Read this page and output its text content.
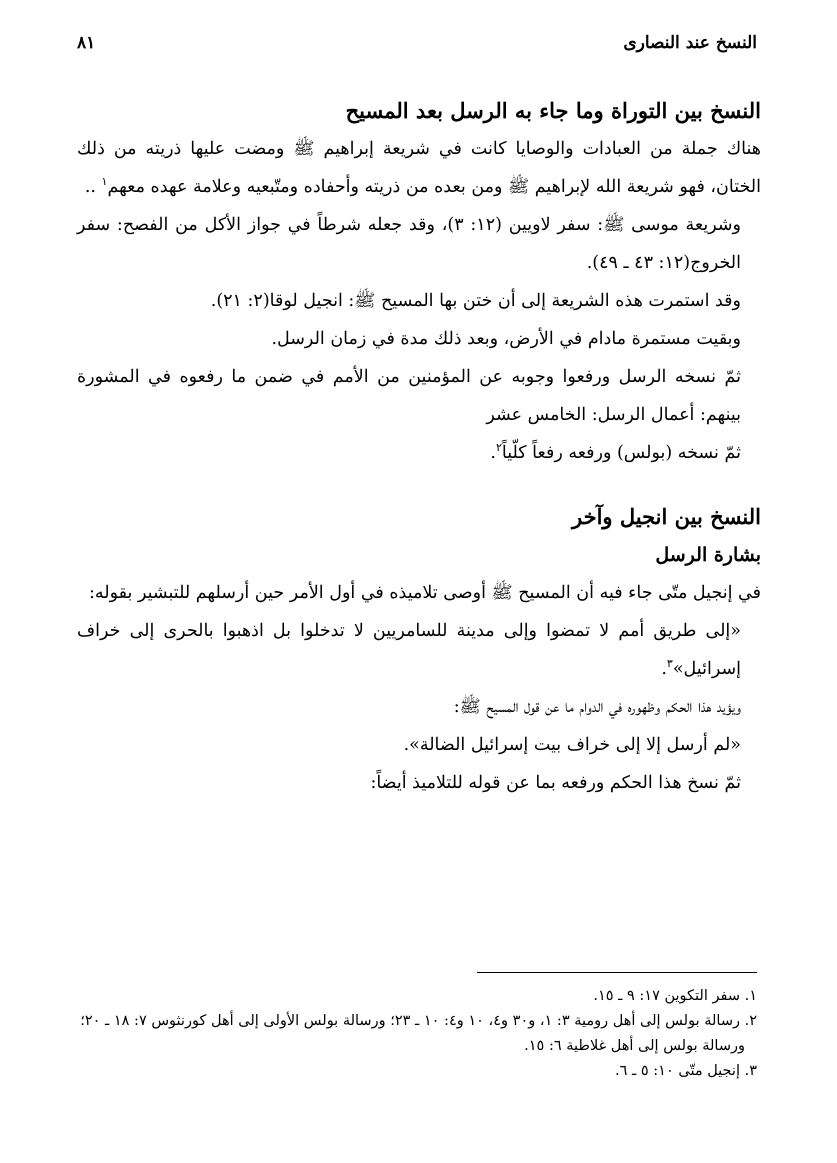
النسخ عند النصارى
٨١
النسخ بين التوراة وما جاء به الرسل بعد المسيح

هناك جملة من العبادات والوصايا كانت في شريعة إبراهيم ﷺ ومضت عليها ذريته من ذلك الختان، فهو شريعة الله لإبراهيم ﷺ ومن بعده من ذريته وأحفاده ومتّبعيه وعلامة عهده معهم$^١$ ..

وشريعة موسى ﷺ: سفر لاويين (١٢: ٣)، وقد جعله شرطاً في جواز الأكل من الفصح: سفر الخروج(١٢: ٤٣ ـ ٤٩).

وقد استمرت هذه الشريعة إلى أن ختن بها المسيح ﷺ: انجيل لوقا(٢: ٢١).

وبقيت مستمرة مادام في الأرض، وبعد ذلك مدة في زمان الرسل.

ثمّ نسخه الرسل ورفعوا وجوبه عن المؤمنين من الأمم في ضمن ما رفعوه في المشورة بينهم: أعمال الرسل: الخامس عشر

ثمّ نسخه (بولس) ورفعه رفعاً كلّياً$^٢$.

النسخ بين انجيل وآخر
بشارة الرسل

في إنجيل متّى جاء فيه أن المسيح ﷺ أوصى تلاميذه في أول الأمر حين أرسلهم للتبشير بقوله:

«إلى طريق أمم لا تمضوا وإلى مدينة للسامريين لا تدخلوا بل اذهبوا بالحرى إلى خراف إسرائيل»$^٣$.

ويؤيد هذا الحكم وظهوره في الدوام ما عن قول المسيح ﷺ:

«لم أرسل إلا إلى خراف بيت إسرائيل الضالة».

ثمّ نسخ هذا الحكم ورفعه بما عن قوله للتلاميذ أيضاً:

١. سفر التكوين ١٧: ٩ ـ ١٥.

٢. رسالة بولس إلى أهل رومية ٣: ١، و٣٠ و٤، ١٠ و٤: ١٠ ـ ٢٣؛ ورسالة بولس الأولى إلى أهل كورنثوس ٧: ١٨ ـ ٢٠؛
ورسالة بولس إلى أهل غلاطية ٦: ١٥.

٣. إنجيل متّى ١٠: ٥ ـ ٦.
